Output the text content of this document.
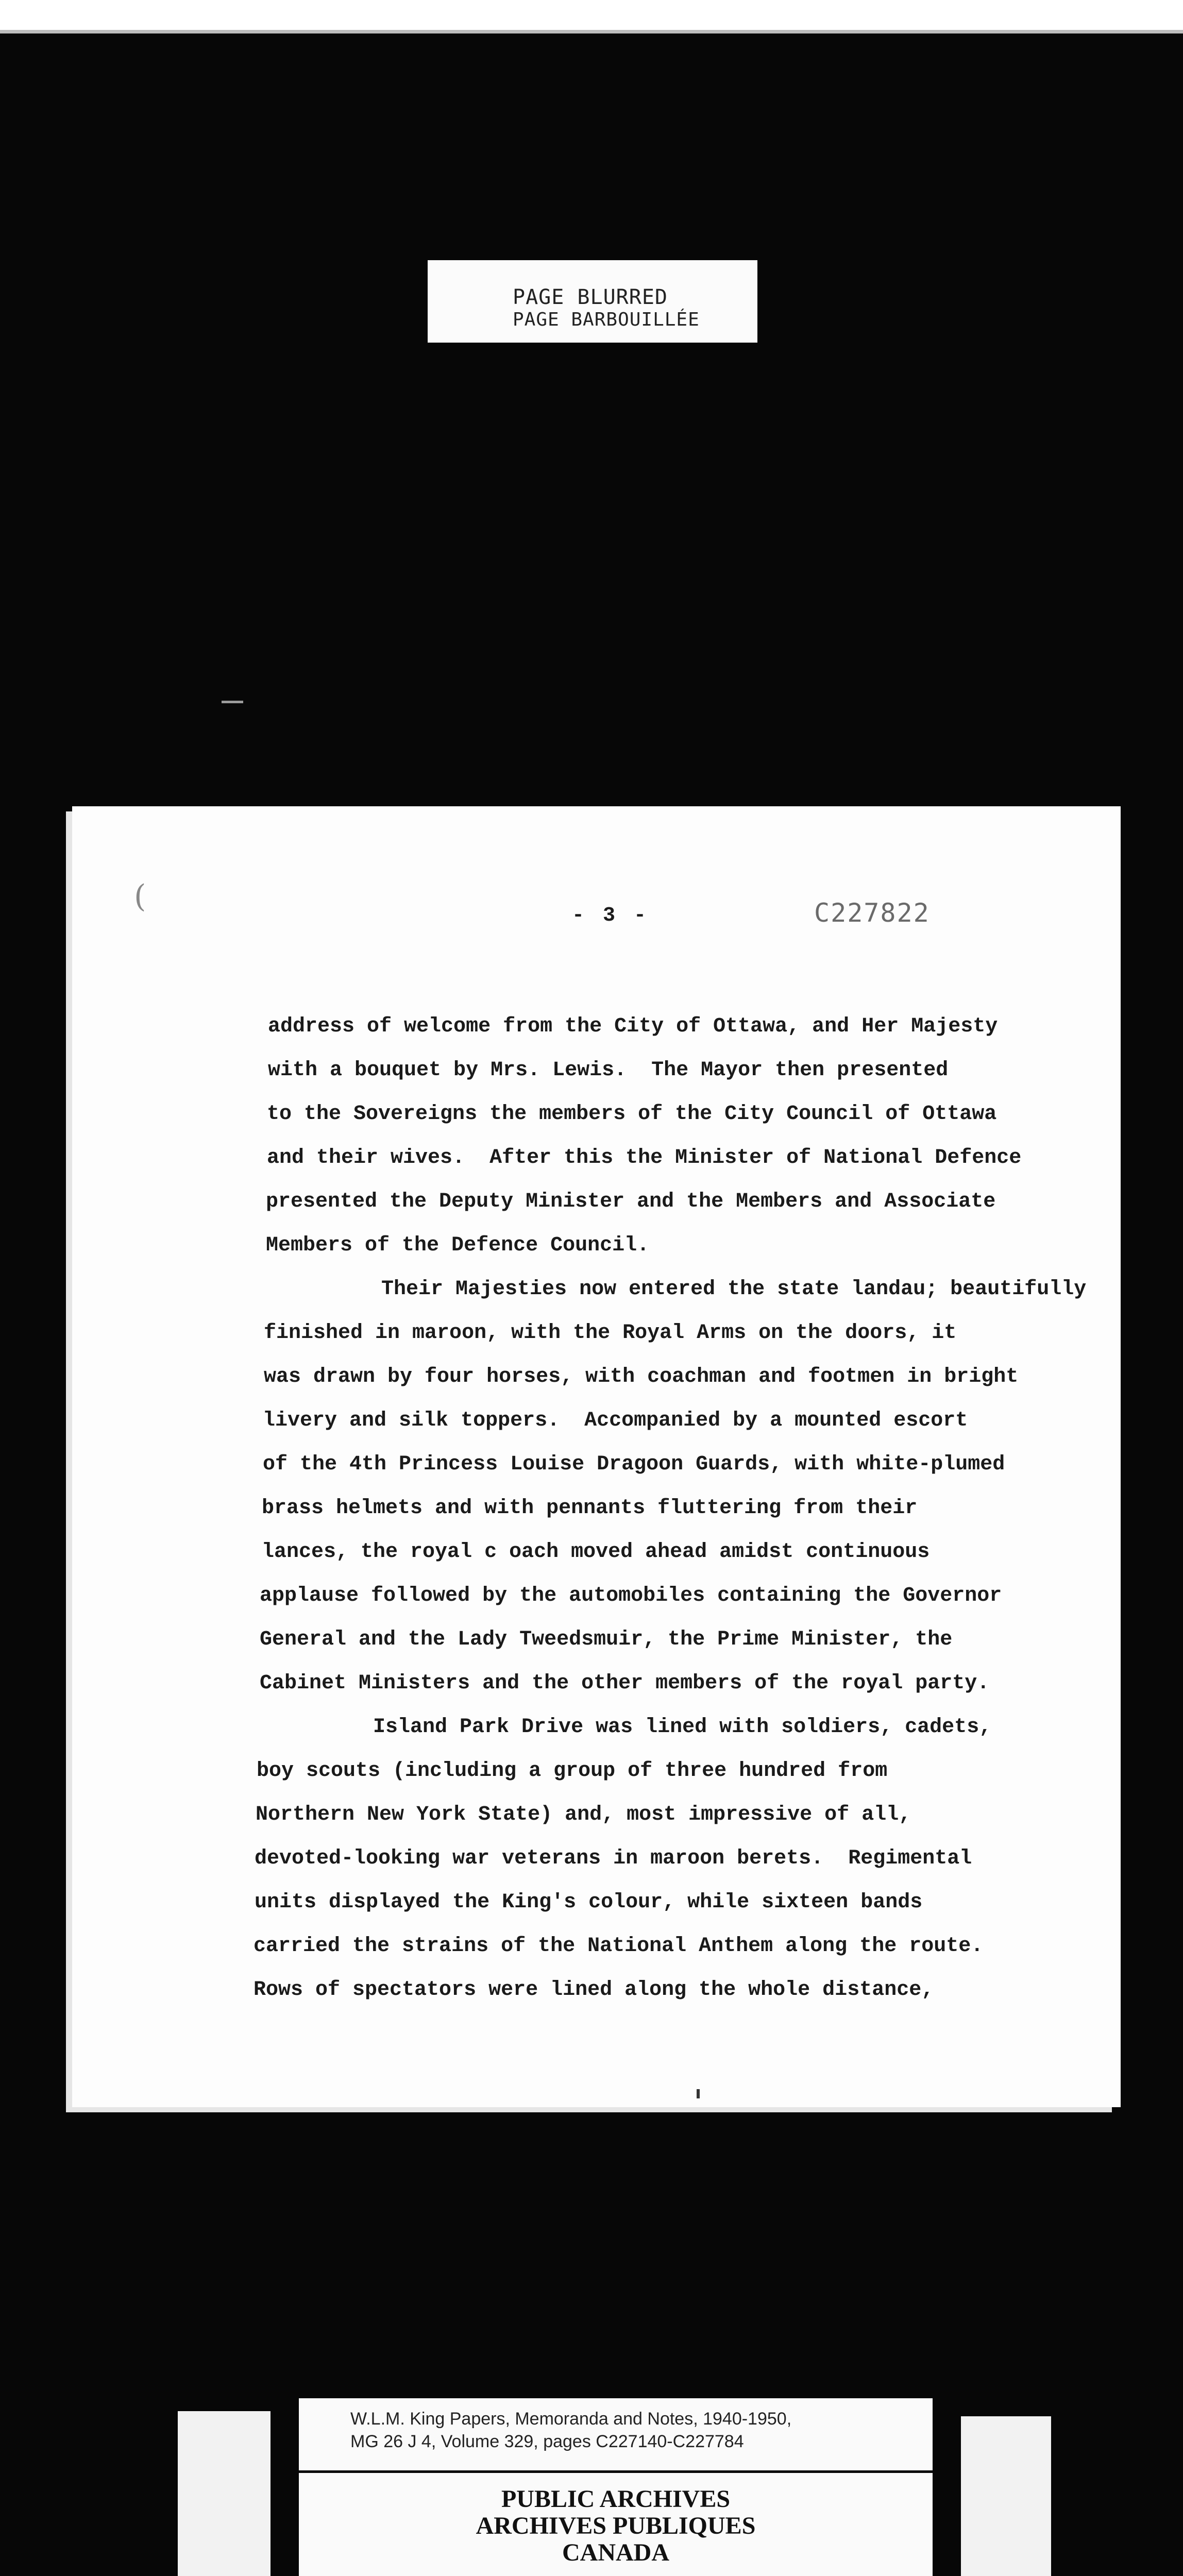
PAGE BLURRED
PAGE BARBOUILLÉE
(
- 3 -	C227822
address of welcome from the City of Ottawa, and Her Majesty
with a bouquet by Mrs. Lewis.  The Mayor then presented
to the Sovereigns the members of the City Council of Ottawa
and their wives.  After this the Minister of National Defence
presented the Deputy Minister and the Members and Associate
Members of the Defence Council.
Their Majesties now entered the state landau; beautifully
finished in maroon, with the Royal Arms on the doors, it
was drawn by four horses, with coachman and footmen in bright
livery and silk toppers.  Accompanied by a mounted escort
of the 4th Princess Louise Dragoon Guards, with white-plumed
brass helmets and with pennants fluttering from their
lances, the royal c oach moved ahead amidst continuous
applause followed by the automobiles containing the Governor
General and the Lady Tweedsmuir, the Prime Minister, the
Cabinet Ministers and the other members of the royal party.
Island Park Drive was lined with soldiers, cadets,
boy scouts (including a group of three hundred from
Northern New York State) and, most impressive of all,
devoted-looking war veterans in maroon berets.  Regimental
units displayed the King's colour, while sixteen bands
carried the strains of the National Anthem along the route.
Rows of spectators were lined along the whole distance,
W.L.M. King Papers, Memoranda and Notes, 1940-1950,
MG 26 J 4, Volume 329, pages C227140-C227784
PUBLIC ARCHIVES
ARCHIVES PUBLIQUES
CANADA
